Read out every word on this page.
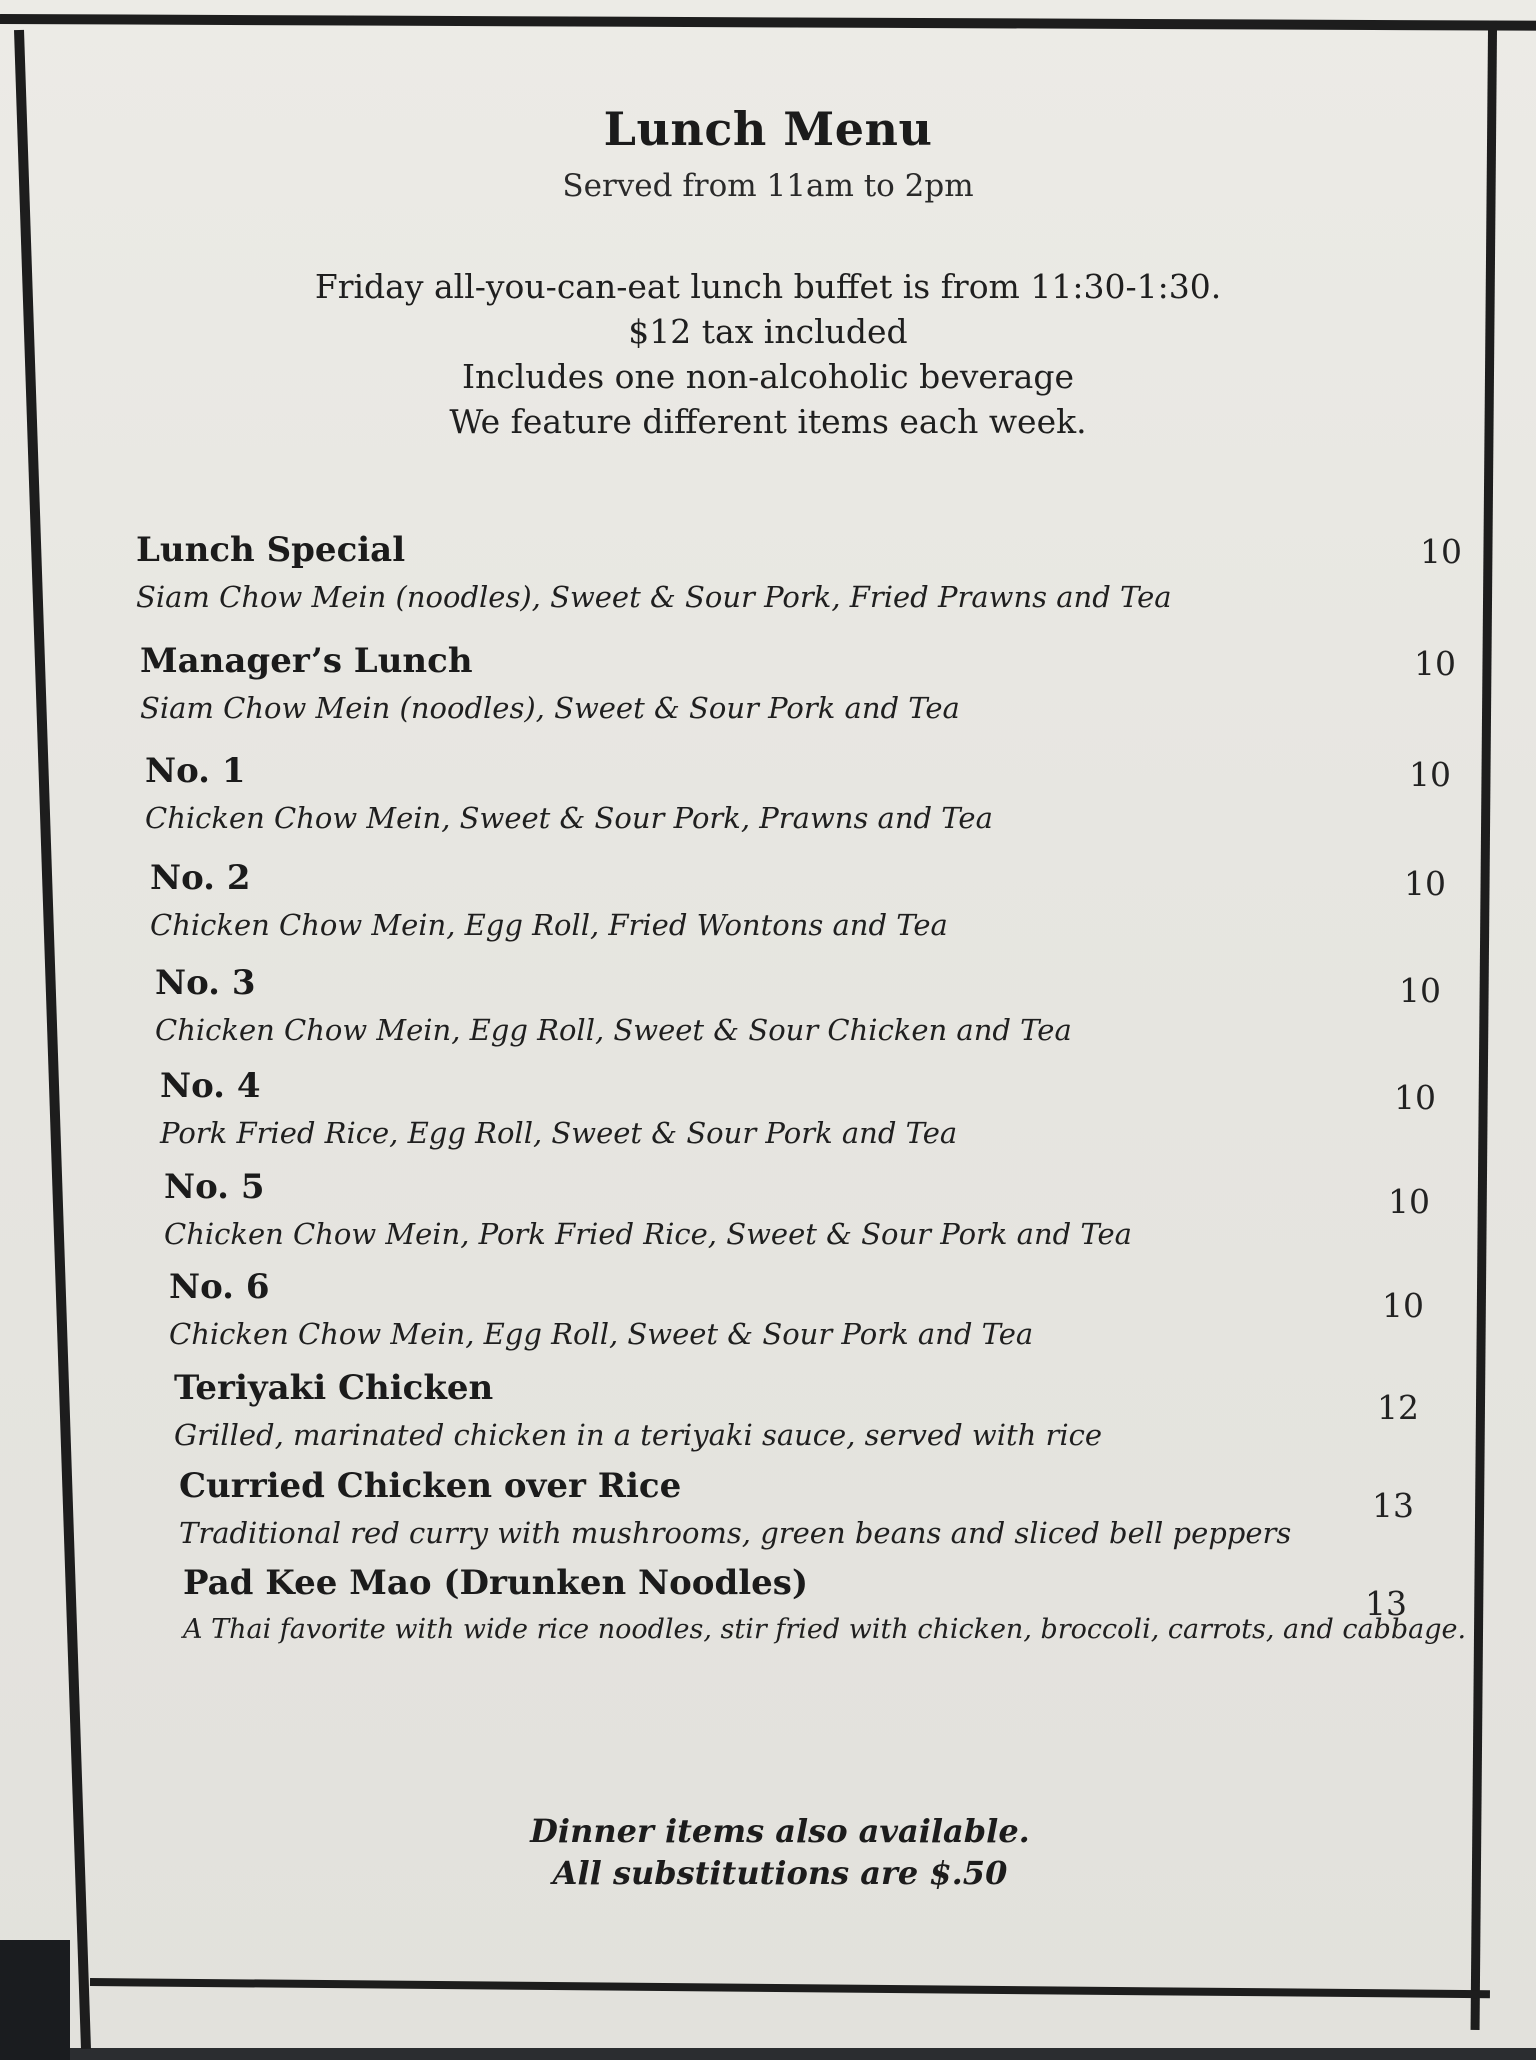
Lunch Menu
Served from 11am to 2pm
Friday all-you-can-eat lunch buffet is from 11:30-1:30.
$12 tax included
Includes one non-alcoholic beverage
We feature different items each week.
Lunch Special
Siam Chow Mein (noodles), Sweet & Sour Pork, Fried Prawns and Tea
10
Manager’s Lunch
Siam Chow Mein (noodles), Sweet & Sour Pork and Tea
10
No. 1
Chicken Chow Mein, Sweet & Sour Pork, Prawns and Tea
10
No. 2
Chicken Chow Mein, Egg Roll, Fried Wontons and Tea
10
No. 3
Chicken Chow Mein, Egg Roll, Sweet & Sour Chicken and Tea
10
No. 4
Pork Fried Rice, Egg Roll, Sweet & Sour Pork and Tea
10
No. 5
Chicken Chow Mein, Pork Fried Rice, Sweet & Sour Pork and Tea
10
No. 6
Chicken Chow Mein, Egg Roll, Sweet & Sour Pork and Tea
10
Teriyaki Chicken
Grilled, marinated chicken in a teriyaki sauce, served with rice
12
Curried Chicken over Rice
Traditional red curry with mushrooms, green beans and sliced bell peppers
13
Pad Kee Mao (Drunken Noodles)
A Thai favorite with wide rice noodles, stir fried with chicken, broccoli, carrots, and cabbage.
13
Dinner items also available.
All substitutions are $.50
